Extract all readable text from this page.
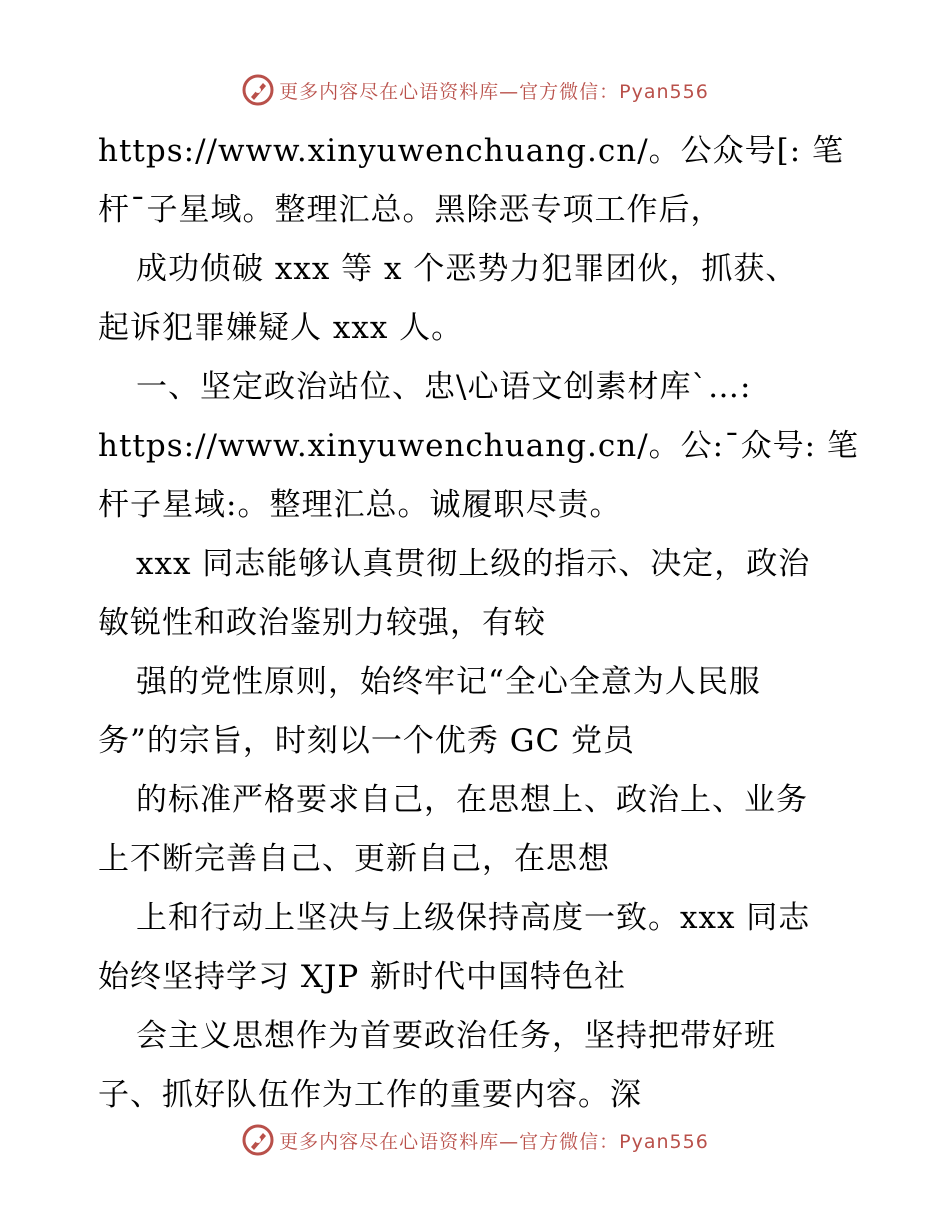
更多内容尽在心语资料库—官方微信：Pyan556
https://www.xinyuwenchuang.cn/。公众号[: 笔
杆¯子星域。整理汇总。黑除恶专项工作后，
成功侦破 xxx 等 x 个恶势力犯罪团伙，抓获、
起诉犯罪嫌疑人 xxx 人。
一、坚定政治站位、忠\心语文创素材库`…:
https://www.xinyuwenchuang.cn/。公:¯众号: 笔
杆子星域:。整理汇总。诚履职尽责。
xxx 同志能够认真贯彻上级的指示、决定，政治
敏锐性和政治鉴别力较强，有较
强的党性原则，始终牢记“全心全意为人民服
务”的宗旨，时刻以一个优秀 GC 党员
的标准严格要求自己，在思想上、政治上、业务
上不断完善自己、更新自己，在思想
上和行动上坚决与上级保持高度一致。xxx 同志
始终坚持学习 XJP 新时代中国特色社
会主义思想作为首要政治任务，坚持把带好班
子、抓好队伍作为工作的重要内容。深
更多内容尽在心语资料库—官方微信：Pyan556
